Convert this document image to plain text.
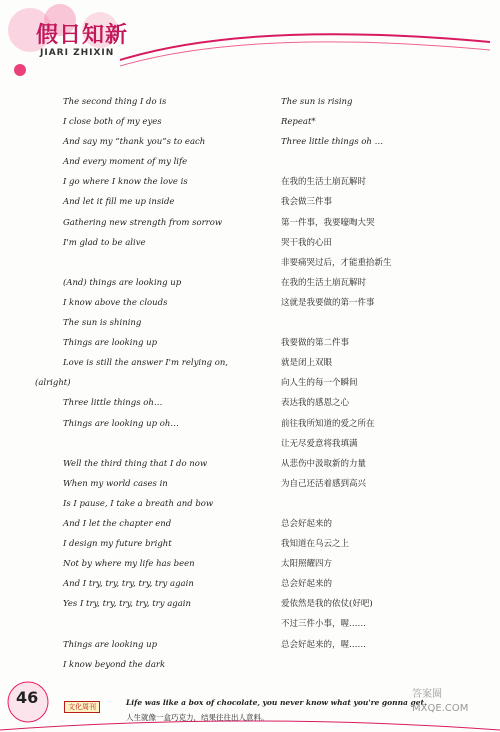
假日知新
JIARI ZHIXIN
The second thing I do is
I close both of my eyes
And say my “thank you”s to each
And every moment of my life
I go where I know the love is
And let it fill me up inside
Gathering new strength from sorrow
I'm glad to be alive
(And) things are looking up
I know above the clouds
The sun is shining
Things are looking up
Love is still the answer I'm relying on,
(alright)
Three little things oh…
Things are looking up oh…
Well the third thing that I do now
When my world cases in
Is I pause, I take a breath and bow
And I let the chapter end
I design my future bright
Not by where my life has been
And I try, try, try, try, try again
Yes I try, try, try, try, try again
Things are looking up
I know beyond the dark
The sun is rising
Repeat*
Three little things oh …
在我的生活土崩瓦解时
我会做三件事
第一件事，我要嚎啕大哭
哭干我的心田
非要痛哭过后，才能重拾新生
在我的生活土崩瓦解时
这就是我要做的第一件事
我要做的第二件事
就是闭上双眼
向人生的每一个瞬间
表达我的感恩之心
前往我所知道的爱之所在
让无尽爱意将我填满
从悲伤中汲取新的力量
为自己还活着感到高兴
总会好起来的
我知道在乌云之上
太阳照耀四方
总会好起来的
爱依然是我的依仗(好吧)
不过三件小事，喔……
总会好起来的，喔……
46	文化周刊	Life was like a box of chocolate, you never know what you're gonna get.
人生就像一盒巧克力，结果往往出人意料。
答案圈
MXQE.COM
